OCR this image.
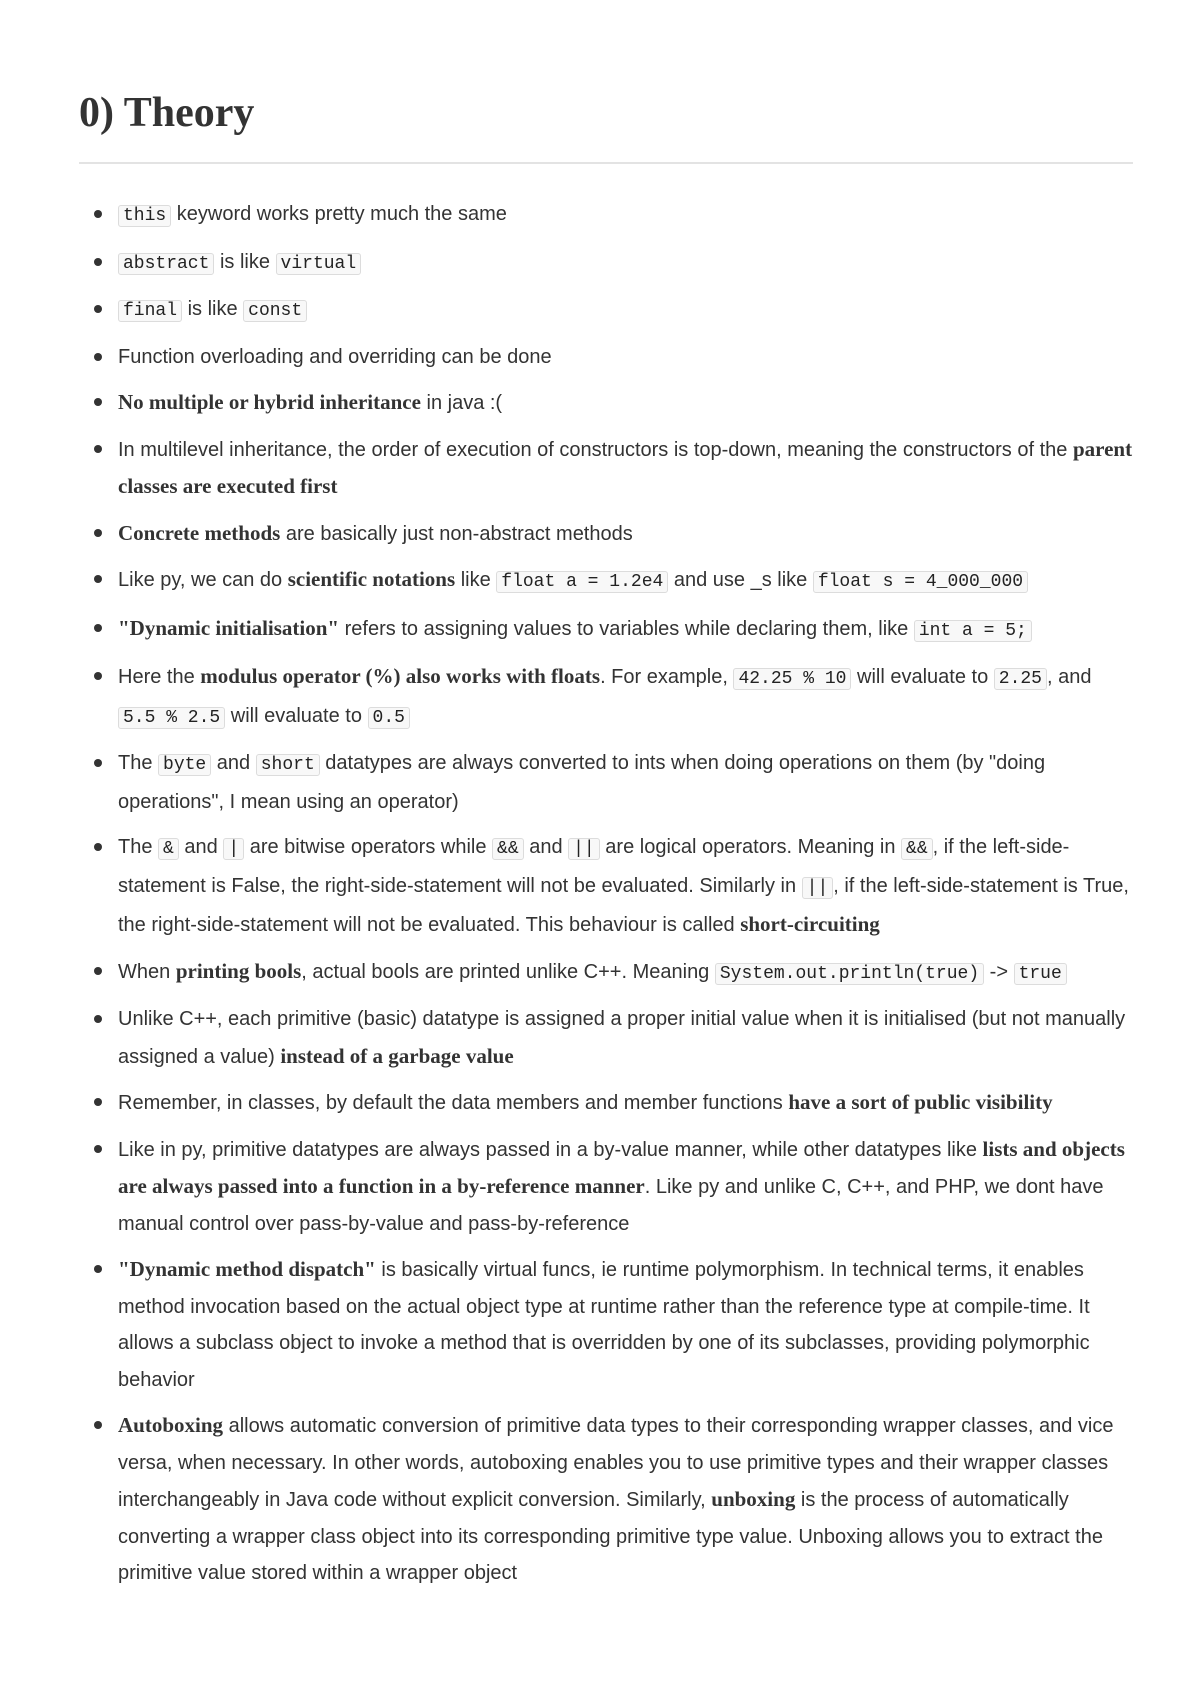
0) Theory
this keyword works pretty much the same
abstract is like virtual
final is like const
Function overloading and overriding can be done
No multiple or hybrid inheritance in java :(
In multilevel inheritance, the order of execution of constructors is top-down, meaning the constructors of the parent classes are executed first
Concrete methods are basically just non-abstract methods
Like py, we can do scientific notations like float a = 1.2e4 and use _s like float s = 4_000_000
"Dynamic initialisation" refers to assigning values to variables while declaring them, like int a = 5;
Here the modulus operator (%) also works with floats. For example, 42.25 % 10 will evaluate to 2.25 , and 5.5 % 2.5 will evaluate to 0.5
The byte and short datatypes are always converted to ints when doing operations on them (by "doing operations", I mean using an operator)
The & and | are bitwise operators while && and || are logical operators. Meaning in && , if the left-side-statement is False, the right-side-statement will not be evaluated. Similarly in || , if the left-side-statement is True, the right-side-statement will not be evaluated. This behaviour is called short-circuiting
When printing bools, actual bools are printed unlike C++. Meaning System.out.println(true) -> true
Unlike C++, each primitive (basic) datatype is assigned a proper initial value when it is initialised (but not manually assigned a value) instead of a garbage value
Remember, in classes, by default the data members and member functions have a sort of public visibility
Like in py, primitive datatypes are always passed in a by-value manner, while other datatypes like lists and objects are always passed into a function in a by-reference manner. Like py and unlike C, C++, and PHP, we dont have manual control over pass-by-value and pass-by-reference
"Dynamic method dispatch" is basically virtual funcs, ie runtime polymorphism. In technical terms, it enables method invocation based on the actual object type at runtime rather than the reference type at compile-time. It allows a subclass object to invoke a method that is overridden by one of its subclasses, providing polymorphic behavior
Autoboxing allows automatic conversion of primitive data types to their corresponding wrapper classes, and vice versa, when necessary. In other words, autoboxing enables you to use primitive types and their wrapper classes interchangeably in Java code without explicit conversion. Similarly, unboxing is the process of automatically converting a wrapper class object into its corresponding primitive type value. Unboxing allows you to extract the primitive value stored within a wrapper object
